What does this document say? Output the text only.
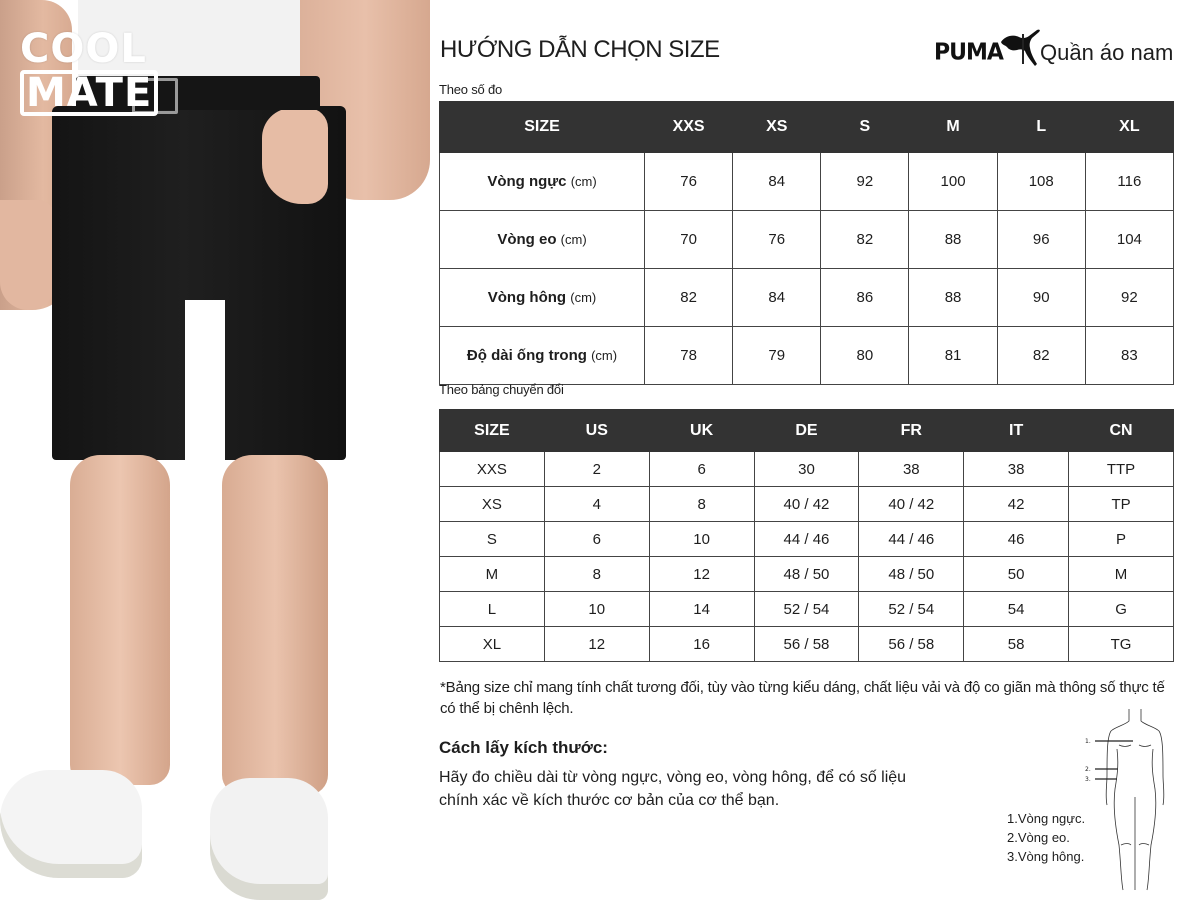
COOL
MATE
HƯỚNG DẪN CHỌN SIZE	PUMA Quần áo nam
Theo số đo
SIZE	XXS	XS	S	M	L	XL
Vòng ngực (cm)	76	84	92	100	108	116
Vòng eo (cm)	70	76	82	88	96	104
Vòng hông (cm)	82	84	86	88	90	92
Độ dài ống trong (cm)	78	79	80	81	82	83
Theo bảng chuyển đổi
SIZE	US	UK	DE	FR	IT	CN
XXS	2	6	30	38	38	TTP
XS	4	8	40 / 42	40 / 42	42	TP
S	6	10	44 / 46	44 / 46	46	P
M	8	12	48 / 50	48 / 50	50	M
L	10	14	52 / 54	52 / 54	54	G
XL	12	16	56 / 58	56 / 58	58	TG
*Bảng size chỉ mang tính chất tương đối, tùy vào từng kiểu dáng, chất liệu vải và độ co giãn mà thông số thực tế có thể bị chênh lệch.
Cách lấy kích thước:
Hãy đo chiều dài từ vòng ngực, vòng eo, vòng hông, để có số liệu chính xác về kích thước cơ bản của cơ thể bạn.
1.
2.
3.
1.Vòng ngực.
2.Vòng eo.
3.Vòng hông.
